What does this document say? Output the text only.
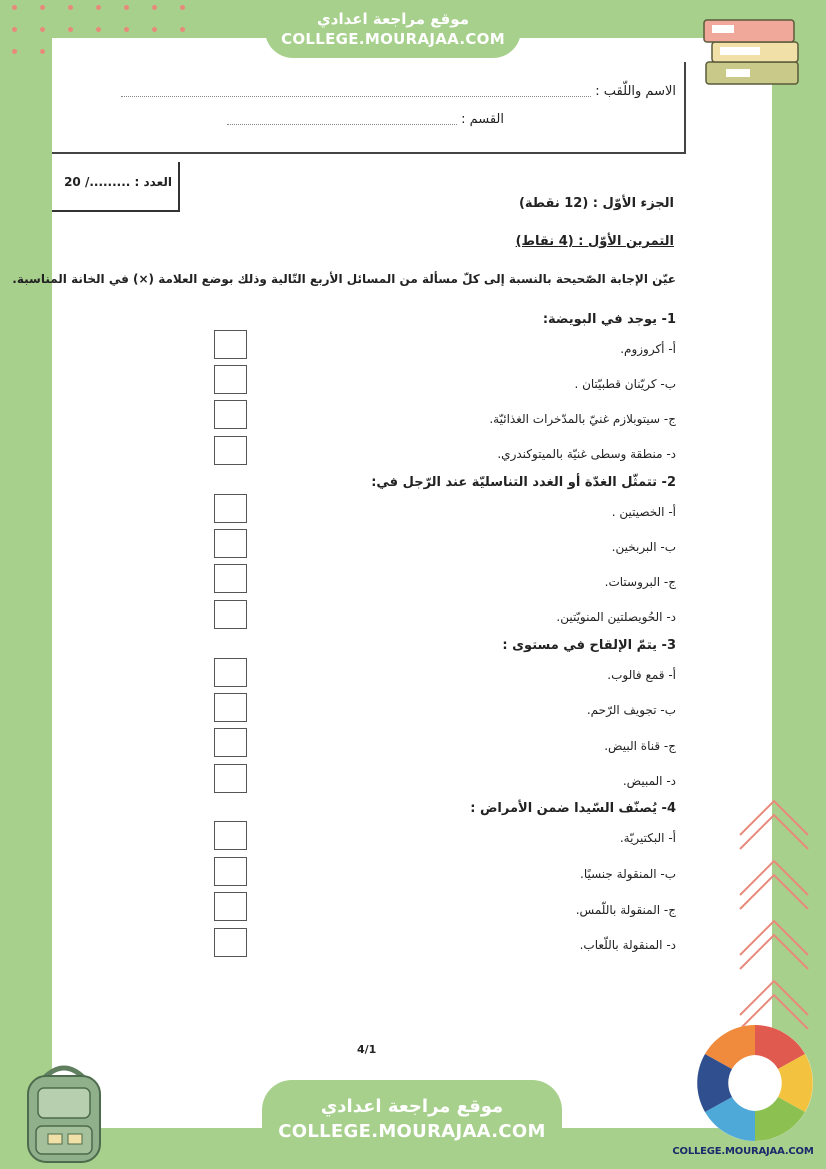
موقع مراجعة اعدادي
COLLEGE.MOURAJAA.COM
الاسم واللّقب :
القسم :
العدد : ........./ 20
الجزء الأوّل : (12 نقطة)
التمرين الأوّل : (4 نقاط)
عيّن الإجابة الصّحيحة بالنسبة إلى كلّ مسألة من المسائل الأربع التّالية وذلك بوضع العلامة (×) في الخانة المناسبة.
1- يوجد في البويضة:
أ- أكروزوم.
ب- كريّنان قطبيّتان .
ج- سيتوبلازم غنيّ بالمدّخرات الغذائيّة.
د- منطقة وسطى غنيّة بالميتوكندري.
2- تتمثّل الغدّة أو الغدد التناسليّة عند الرّجل في:
أ- الخصيتين .
ب- البربخين.
ج- البروستات.
د- الحُويصلتين المنويّتين.
3- يتمّ الإلقاح في مستوى :
أ- قمع فالوب.
ب- تجويف الرّحم.
ج- قناة البيض.
د- المبيض.
4- يُصنّف السّيدا ضمن الأمراض :
أ- البكتيريّة.
ب- المنقولة جنسيًا.
ج- المنقولة باللّمس.
د- المنقولة باللّعاب.
4/1
موقع مراجعة اعدادي
COLLEGE.MOURAJAA.COM
COLLEGE.MOURAJAA.COM
